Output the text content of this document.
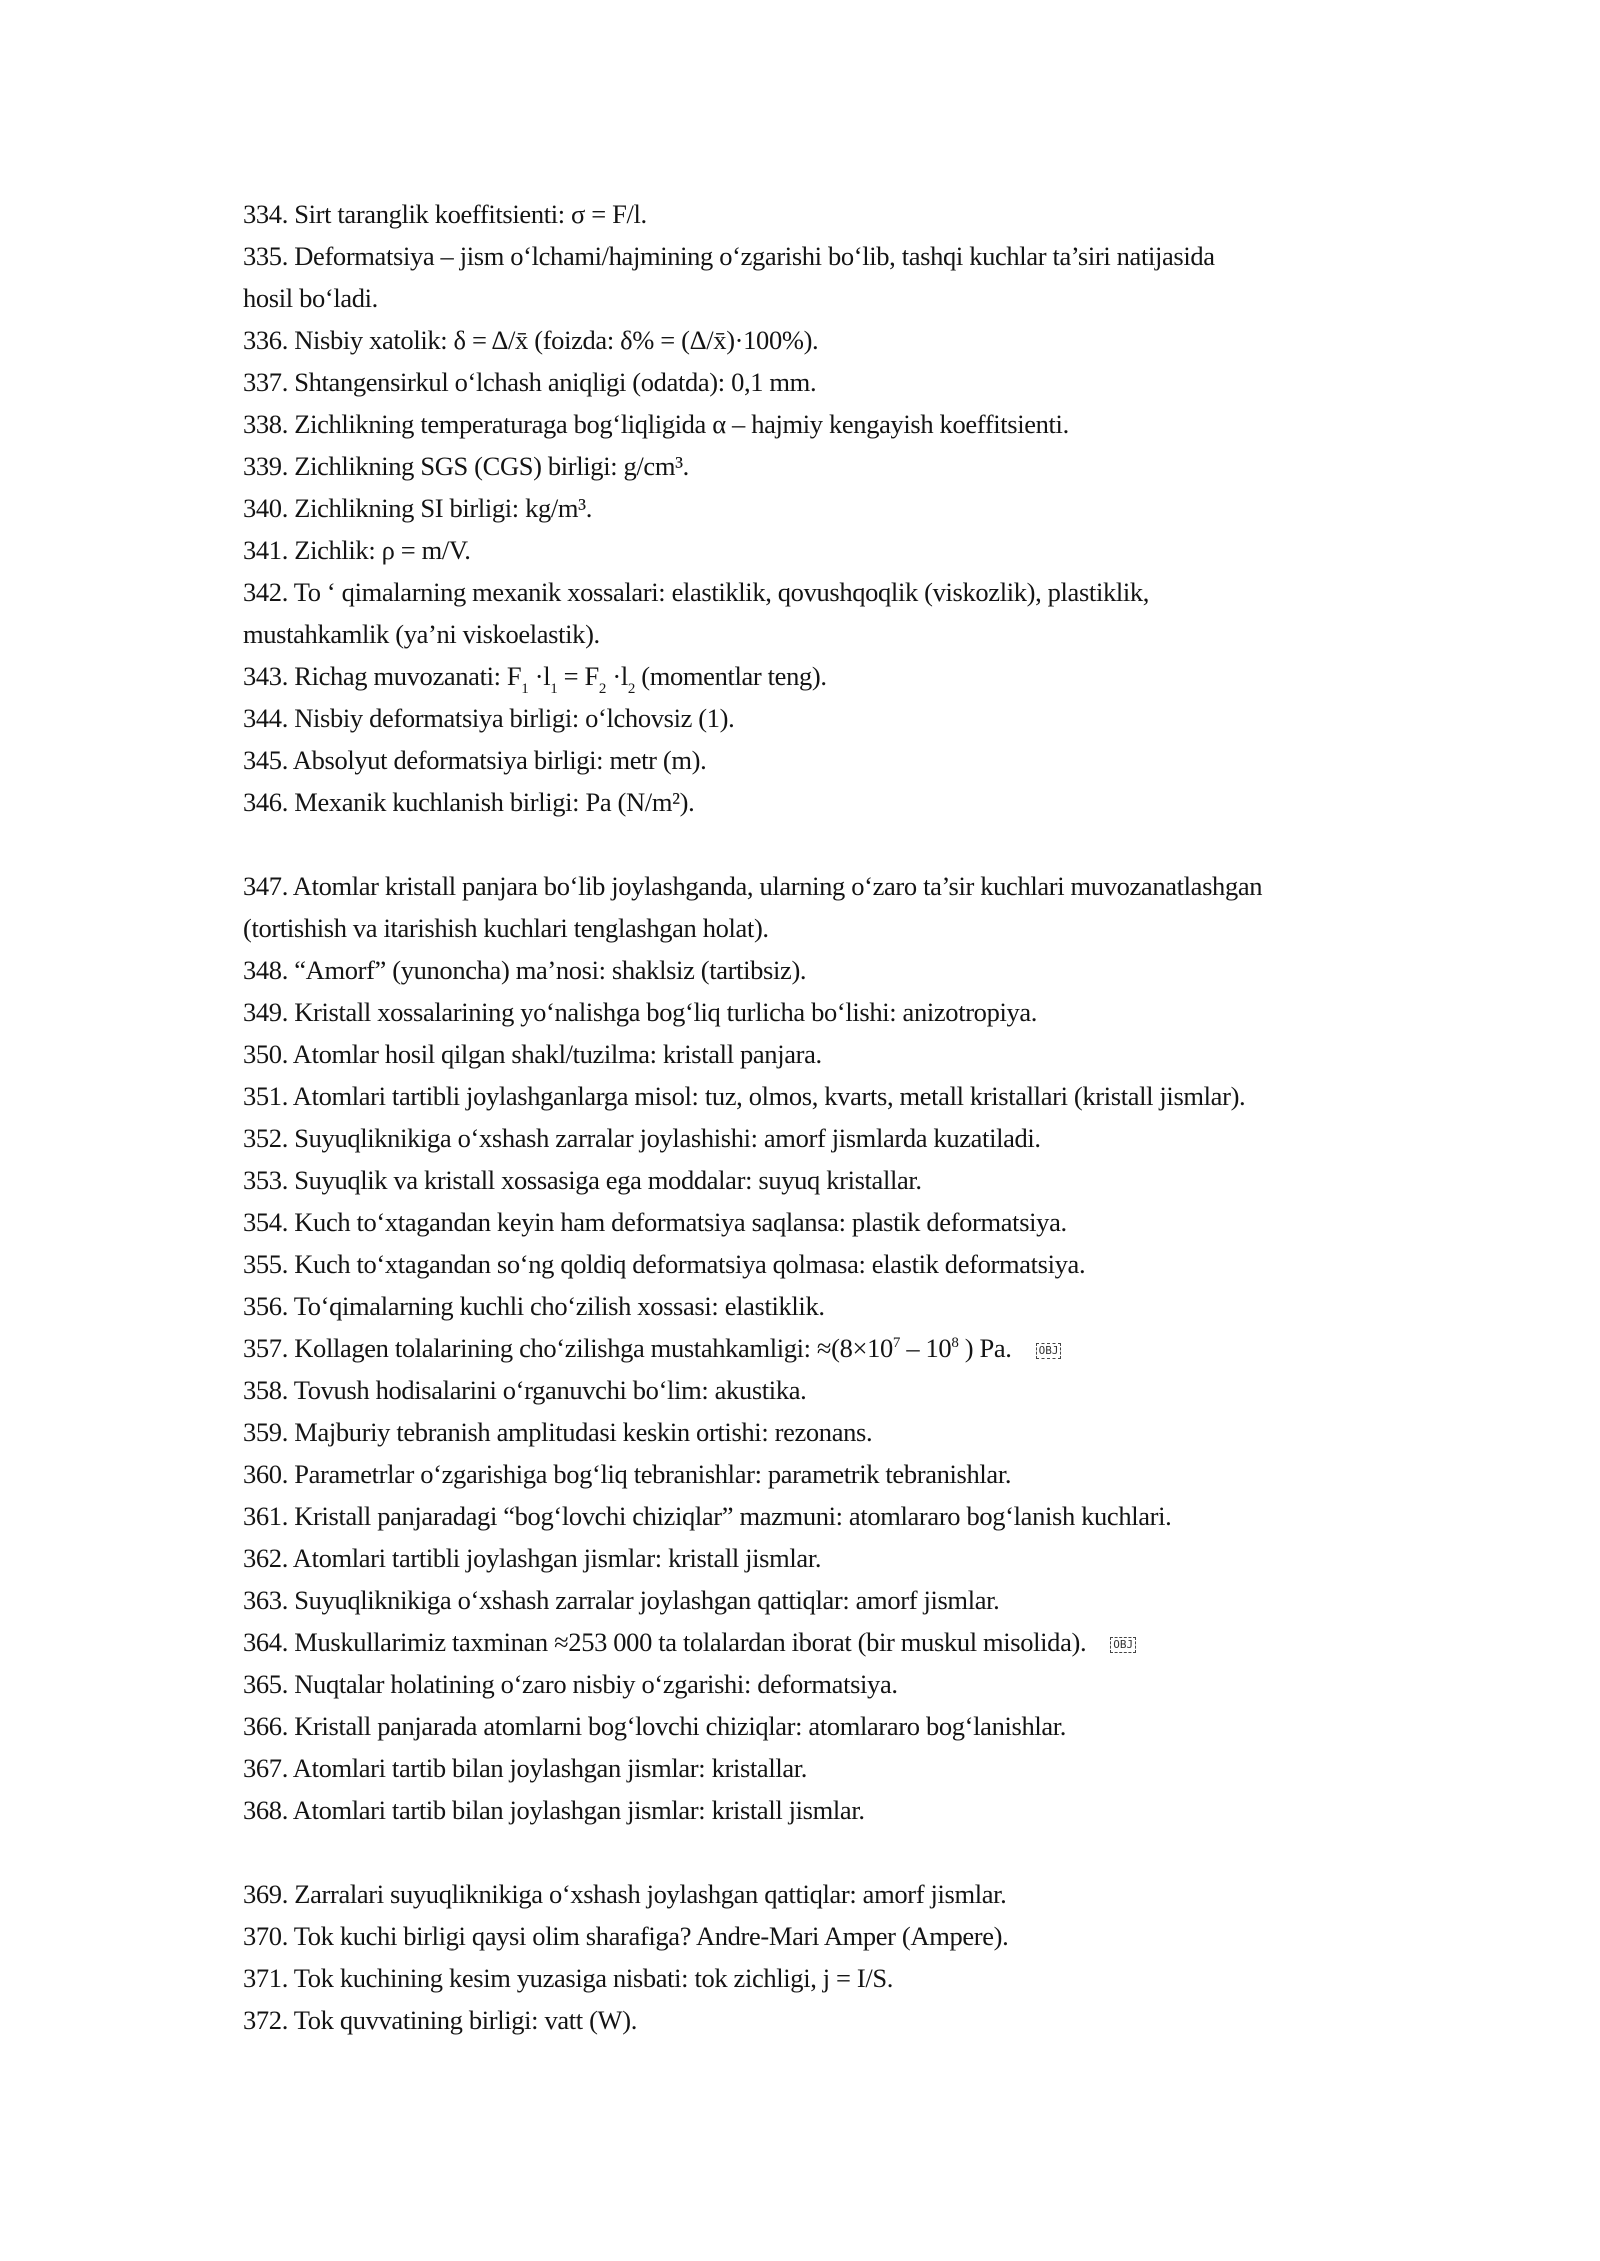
334. Sirt taranglik koeffitsienti: σ = F/l.
335. Deformatsiya – jism o‘lchami/hajmining o‘zgarishi bo‘lib, tashqi kuchlar ta’siri natijasida
hosil bo‘ladi.
336. Nisbiy xatolik: δ = Δ/x̄ (foizda: δ% = (Δ/x̄)·100%).
337. Shtangensirkul o‘lchash aniqligi (odatda): 0,1 mm.
338. Zichlikning temperaturaga bog‘liqligida α – hajmiy kengayish koeffitsienti.
339. Zichlikning SGS (CGS) birligi: g/cm³.
340. Zichlikning SI birligi: kg/m³.
341. Zichlik: ρ = m/V.
342. To ‘ qimalarning mexanik xossalari: elastiklik, qovushqoqlik (viskozlik), plastiklik,
mustahkamlik (ya’ni viskoelastik).
343. Richag muvozanati: $F_1 \cdot l_1 = F_2 \cdot l_2$ (momentlar teng).
344. Nisbiy deformatsiya birligi: o‘lchovsiz (1).
345. Absolyut deformatsiya birligi: metr (m).
346. Mexanik kuchlanish birligi: Pa (N/m²).
347. Atomlar kristall panjara bo‘lib joylashganda, ularning o‘zaro ta’sir kuchlari muvozanatlashgan
(tortishish va itarishish kuchlari tenglashgan holat).
348. “Amorf” (yunoncha) ma’nosi: shaklsiz (tartibsiz).
349. Kristall xossalarining yo‘nalishga bog‘liq turlicha bo‘lishi: anizotropiya.
350. Atomlar hosil qilgan shakl/tuzilma: kristall panjara.
351. Atomlari tartibli joylashganlarga misol: tuz, olmos, kvarts, metall kristallari (kristall jismlar).
352. Suyuqliknikiga o‘xshash zarralar joylashishi: amorf jismlarda kuzatiladi.
353. Suyuqlik va kristall xossasiga ega moddalar: suyuq kristallar.
354. Kuch to‘xtagandan keyin ham deformatsiya saqlansa: plastik deformatsiya.
355. Kuch to‘xtagandan so‘ng qoldiq deformatsiya qolmasa: elastik deformatsiya.
356. To‘qimalarning kuchli cho‘zilish xossasi: elastiklik.
357. Kollagen tolalarining cho‘zilishga mustahkamligi: $\approx(8\times 10^7 - 10^8$ ) Pa. OBJ
358. Tovush hodisalarini o‘rganuvchi bo‘lim: akustika.
359. Majburiy tebranish amplitudasi keskin ortishi: rezonans.
360. Parametrlar o‘zgarishiga bog‘liq tebranishlar: parametrik tebranishlar.
361. Kristall panjaradagi “bog‘lovchi chiziqlar” mazmuni: atomlararo bog‘lanish kuchlari.
362. Atomlari tartibli joylashgan jismlar: kristall jismlar.
363. Suyuqliknikiga o‘xshash zarralar joylashgan qattiqlar: amorf jismlar.
364. Muskullarimiz taxminan ≈253 000 ta tolalardan iborat (bir muskul misolida). OBJ
365. Nuqtalar holatining o‘zaro nisbiy o‘zgarishi: deformatsiya.
366. Kristall panjarada atomlarni bog‘lovchi chiziqlar: atomlararo bog‘lanishlar.
367. Atomlari tartib bilan joylashgan jismlar: kristallar.
368. Atomlari tartib bilan joylashgan jismlar: kristall jismlar.
369. Zarralari suyuqliknikiga o‘xshash joylashgan qattiqlar: amorf jismlar.
370. Tok kuchi birligi qaysi olim sharafiga? Andre-Mari Amper (Ampere).
371. Tok kuchining kesim yuzasiga nisbati: tok zichligi, j = I/S.
372. Tok quvvatining birligi: vatt (W).
